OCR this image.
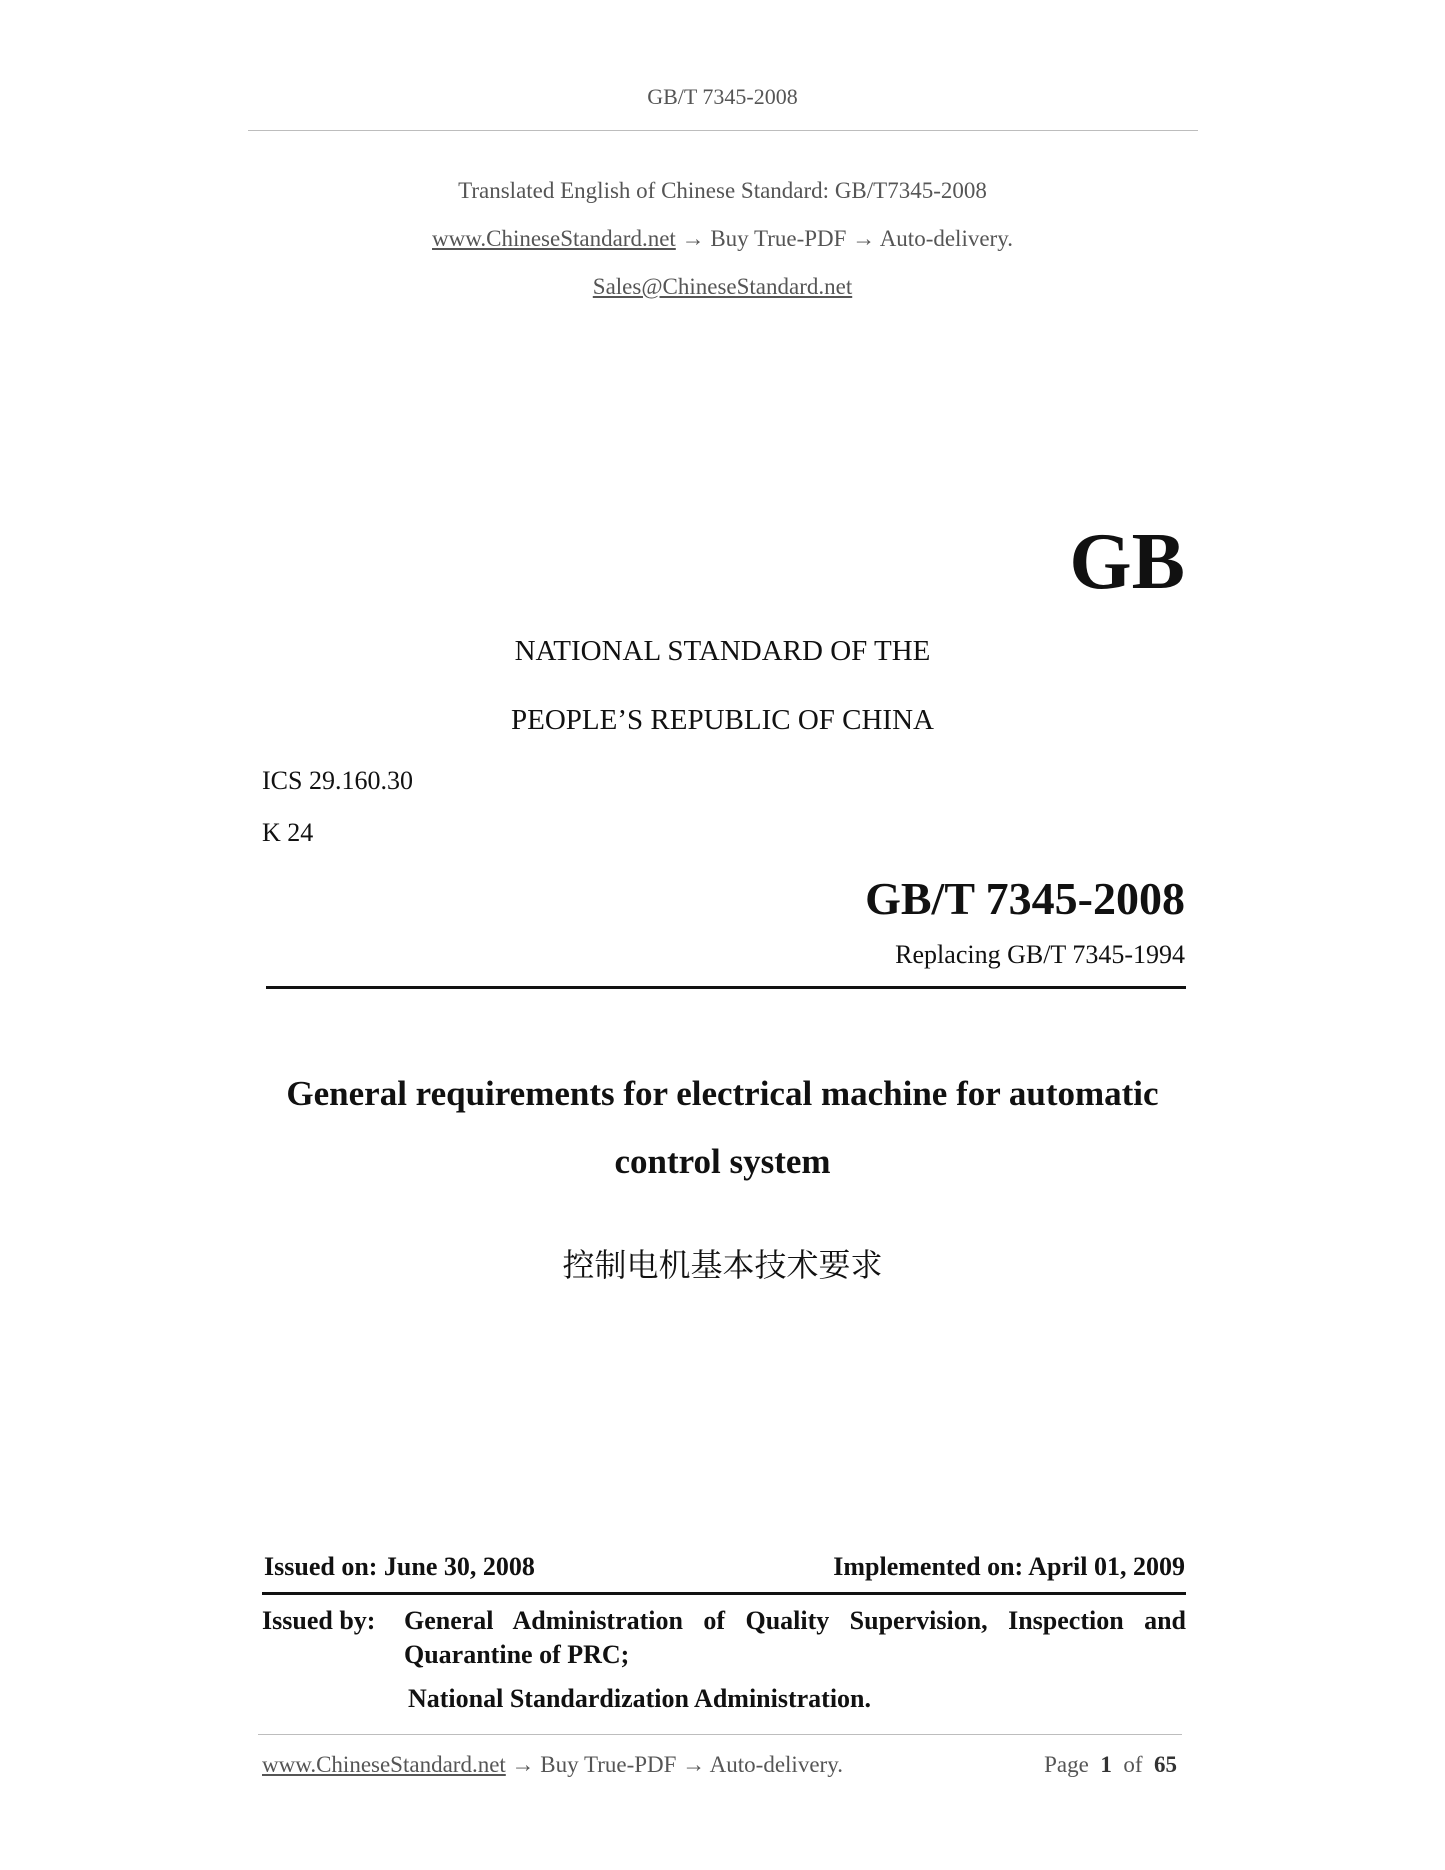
GB/T 7345-2008
Translated English of Chinese Standard: GB/T7345-2008
www.ChineseStandard.net → Buy True-PDF → Auto-delivery.
Sales@ChineseStandard.net
GB
NATIONAL STANDARD OF THE
PEOPLE’S REPUBLIC OF CHINA
ICS 29.160.30
K 24
GB/T 7345-2008
Replacing GB/T 7345-1994
General requirements for electrical machine for automatic
control system
控制电机基本技术要求
Issued on: June 30, 2008	Implemented on: April 01, 2009
Issued by: General Administration of Quality Supervision, Inspection and
Quarantine of PRC;
National Standardization Administration.
www.ChineseStandard.net → Buy True-PDF → Auto-delivery.	Page 1 of 65
